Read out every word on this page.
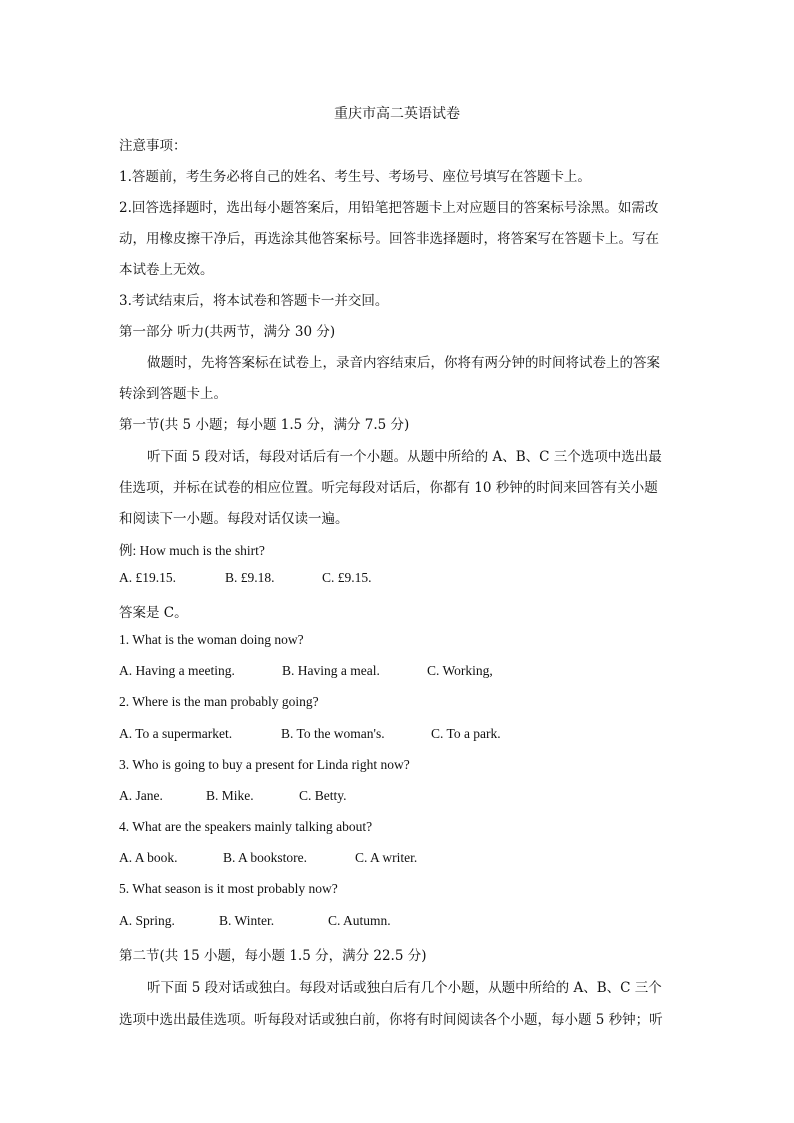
重庆市高二英语试卷
注意事项：
1.答题前，考生务必将自己的姓名、考生号、考场号、座位号填写在答题卡上。
2.回答选择题时，选出每小题答案后，用铅笔把答题卡上对应题目的答案标号涂黑。如需改
动，用橡皮擦干净后，再选涂其他答案标号。回答非选择题时，将答案写在答题卡上。写在
本试卷上无效。
3.考试结束后，将本试卷和答题卡一并交回。
第一部分 听力(共两节，满分 30 分)
做题时，先将答案标在试卷上，录音内容结束后，你将有两分钟的时间将试卷上的答案
转涂到答题卡上。
第一节(共 5 小题；每小题 1.5 分，满分 7.5 分)
听下面 5 段对话，每段对话后有一个小题。从题中所给的 A、B、C 三个选项中选出最
佳选项，并标在试卷的相应位置。听完每段对话后，你都有 10 秒钟的时间来回答有关小题
和阅读下一小题。每段对话仅读一遍。
例: How much is the shirt?
A. £19.15.	B. £9.18.	C. £9.15.
答案是 C。
1. What is the woman doing now?
A. Having a meeting.	B. Having a meal.	C. Working,
2. Where is the man probably going?
A. To a supermarket.	B. To the woman's.	C. To a park.
3. Who is going to buy a present for Linda right now?
A. Jane.	B. Mike.	C. Betty.
4. What are the speakers mainly talking about?
A. A book.	B. A bookstore.	C. A writer.
5. What season is it most probably now?
A. Spring.	B. Winter.	C. Autumn.
第二节(共 15 小题，每小题 1.5 分，满分 22.5 分)
听下面 5 段对话或独白。每段对话或独白后有几个小题，从题中所给的 A、B、C 三个
选项中选出最佳选项。听每段对话或独白前，你将有时间阅读各个小题，每小题 5 秒钟；听
